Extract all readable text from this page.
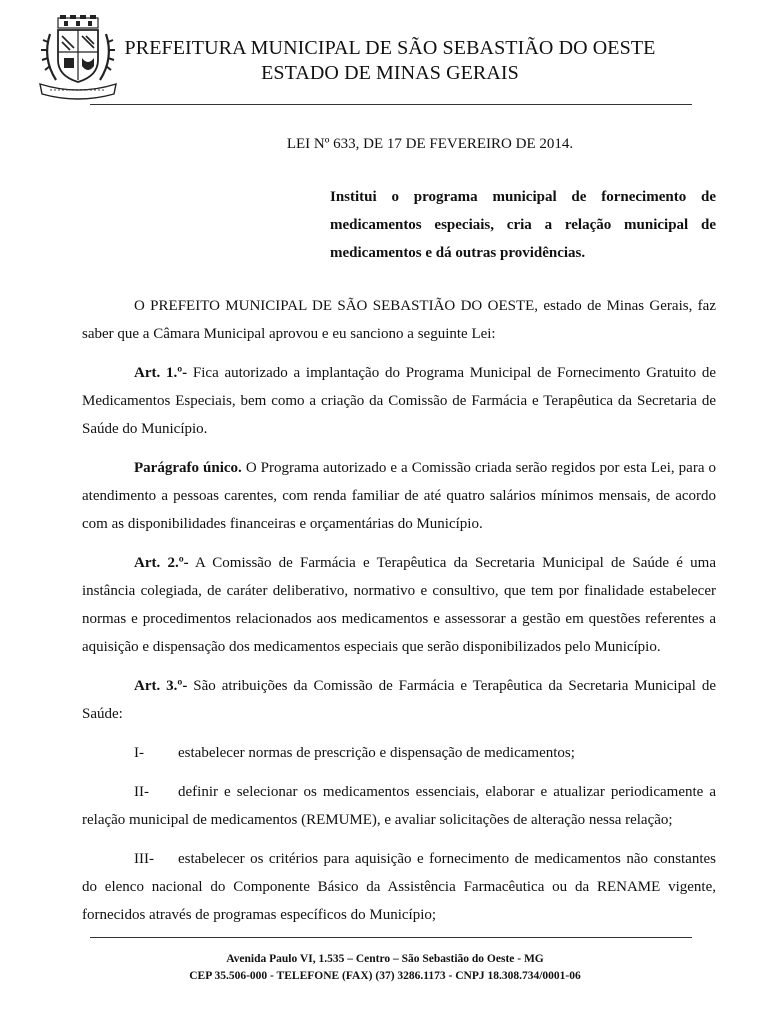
PREFEITURA MUNICIPAL DE SÃO SEBASTIÃO DO OESTE
ESTADO DE MINAS GERAIS
LEI Nº 633, DE 17 DE FEVEREIRO DE 2014.
Institui o programa municipal de fornecimento de medicamentos especiais, cria a relação municipal de medicamentos e dá outras providências.

O PREFEITO MUNICIPAL DE SÃO SEBASTIÃO DO OESTE, estado de Minas Gerais, faz saber que a Câmara Municipal aprovou e eu sanciono a seguinte Lei:

Art. 1.º- Fica autorizado a implantação do Programa Municipal de Fornecimento Gratuito de Medicamentos Especiais, bem como a criação da Comissão de Farmácia e Terapêutica da Secretaria de Saúde do Município.

Parágrafo único. O Programa autorizado e a Comissão criada serão regidos por esta Lei, para o atendimento a pessoas carentes, com renda familiar de até quatro salários mínimos mensais, de acordo com as disponibilidades financeiras e orçamentárias do Município.

Art. 2.º- A Comissão de Farmácia e Terapêutica da Secretaria Municipal de Saúde é uma instância colegiada, de caráter deliberativo, normativo e consultivo, que tem por finalidade estabelecer normas e procedimentos relacionados aos medicamentos e assessorar a gestão em questões referentes a aquisição e dispensação dos medicamentos especiais que serão disponibilizados pelo Município.

Art. 3.º- São atribuições da Comissão de Farmácia e Terapêutica da Secretaria Municipal de Saúde:

I- estabelecer normas de prescrição e dispensação de medicamentos;

II- definir e selecionar os medicamentos essenciais, elaborar e atualizar periodicamente a relação municipal de medicamentos (REMUME), e avaliar solicitações de alteração nessa relação;

III- estabelecer os critérios para aquisição e fornecimento de medicamentos não constantes do elenco nacional do Componente Básico da Assistência Farmacêutica ou da RENAME vigente, fornecidos através de programas específicos do Município;

Avenida Paulo VI, 1.535 – Centro – São Sebastião do Oeste - MG
CEP 35.506-000 - TELEFONE (FAX) (37) 3286.1173 - CNPJ 18.308.734/0001-06
